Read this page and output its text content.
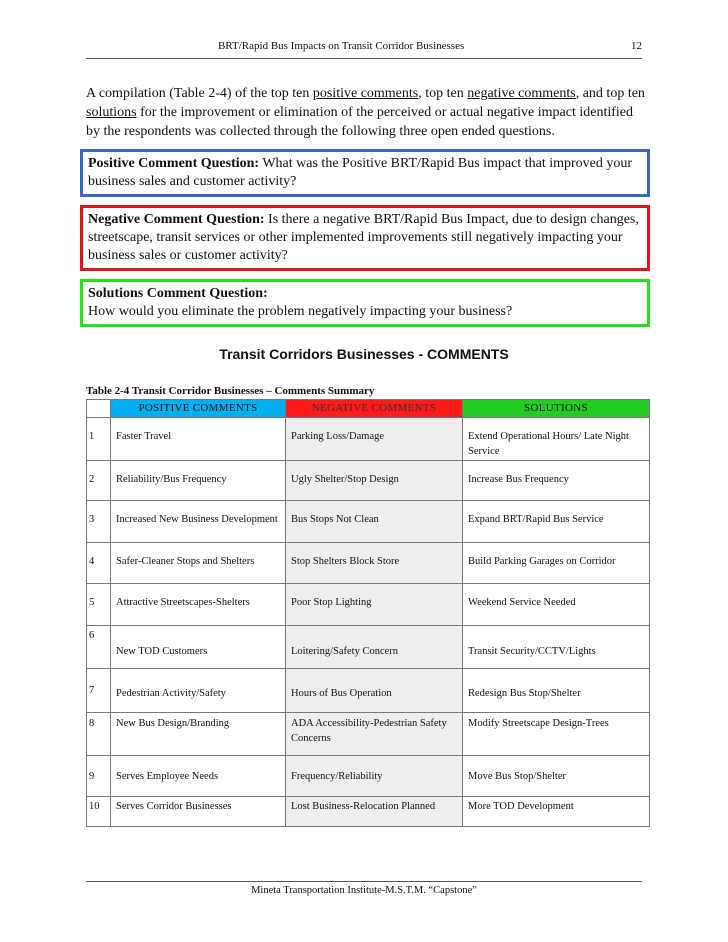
BRT/Rapid Bus Impacts on Transit Corridor Businesses	12
A compilation (Table 2-4) of the top ten positive comments, top ten negative comments, and top ten solutions for the improvement or elimination of the perceived or actual negative impact identified by the respondents was collected through the following three open ended questions.
Positive Comment Question: What was the Positive BRT/Rapid Bus impact that improved your business sales and customer activity?
Negative Comment Question: Is there a negative BRT/Rapid Bus Impact, due to design changes, streetscape, transit services or other implemented improvements still negatively impacting your business sales or customer activity?
Solutions Comment Question:
How would you eliminate the problem negatively impacting your business?
Transit Corridors Businesses - COMMENTS
Table 2-4 Transit Corridor Businesses – Comments Summary
	POSITIVE COMMENTS	NEGATIVE COMMENTS	SOLUTIONS
1	Faster Travel	Parking Loss/Damage	Extend Operational Hours/ Late Night Service
2	Reliability/Bus Frequency	Ugly Shelter/Stop Design	Increase Bus Frequency
3	Increased New Business Development	Bus Stops Not Clean	Expand BRT/Rapid Bus Service
4	Safer-Cleaner Stops and Shelters	Stop Shelters Block Store	Build Parking Garages on Corridor
5	Attractive Streetscapes-Shelters	Poor Stop Lighting	Weekend Service Needed
6	New TOD Customers	Loitering/Safety Concern	Transit Security/CCTV/Lights
7	Pedestrian Activity/Safety	Hours of Bus Operation	Redesign Bus Stop/Shelter
8	New Bus Design/Branding	ADA Accessibility-Pedestrian Safety Concerns	Modify Streetscape Design-Trees
9	Serves Employee Needs	Frequency/Reliability	Move Bus Stop/Shelter
10	Serves Corridor Businesses	Lost Business-Relocation Planned	More TOD Development
Mineta Transportation Institute-M.S.T.M. “Capstone”
